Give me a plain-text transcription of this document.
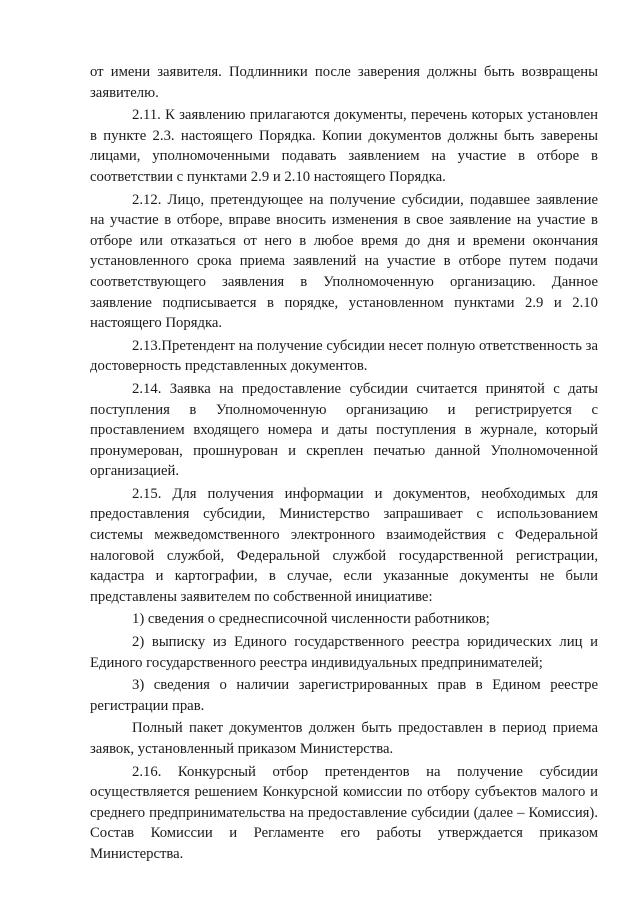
от имени заявителя. Подлинники после заверения должны быть возвращены заявителю.

2.11. К заявлению прилагаются документы, перечень которых установлен в пункте 2.3. настоящего Порядка. Копии документов должны быть заверены лицами, уполномоченными подавать заявлением на участие в отборе в соответствии с пунктами 2.9 и 2.10 настоящего Порядка.

2.12. Лицо, претендующее на получение субсидии, подавшее заявление на участие в отборе, вправе вносить изменения в свое заявление на участие в отборе или отказаться от него в любое время до дня и времени окончания установленного срока приема заявлений на участие в отборе путем подачи соответствующего заявления в Уполномоченную организацию. Данное заявление подписывается в порядке, установленном пунктами 2.9 и 2.10 настоящего Порядка.

2.13.Претендент на получение субсидии несет полную ответственность за достоверность представленных документов.

2.14. Заявка на предоставление субсидии считается принятой с даты поступления в Уполномоченную организацию и регистрируется с проставлением входящего номера и даты поступления в журнале, который пронумерован, прошнурован и скреплен печатью данной Уполномоченной организацией.

2.15. Для получения информации и документов, необходимых для предоставления субсидии, Министерство запрашивает с использованием системы межведомственного электронного взаимодействия с Федеральной налоговой службой, Федеральной службой государственной регистрации, кадастра и картографии, в случае, если указанные документы не были представлены заявителем по собственной инициативе:

1) сведения о среднесписочной численности работников;

2) выписку из Единого государственного реестра юридических лиц и Единого государственного реестра индивидуальных предпринимателей;

3) сведения о наличии зарегистрированных прав в Едином реестре регистрации прав.

Полный пакет документов должен быть предоставлен в период приема заявок, установленный приказом Министерства.

2.16. Конкурсный отбор претендентов на получение субсидии осуществляется решением Конкурсной комиссии по отбору субъектов малого и среднего предпринимательства на предоставление субсидии (далее – Комиссия). Состав Комиссии и Регламенте его работы утверждается приказом Министерства.
